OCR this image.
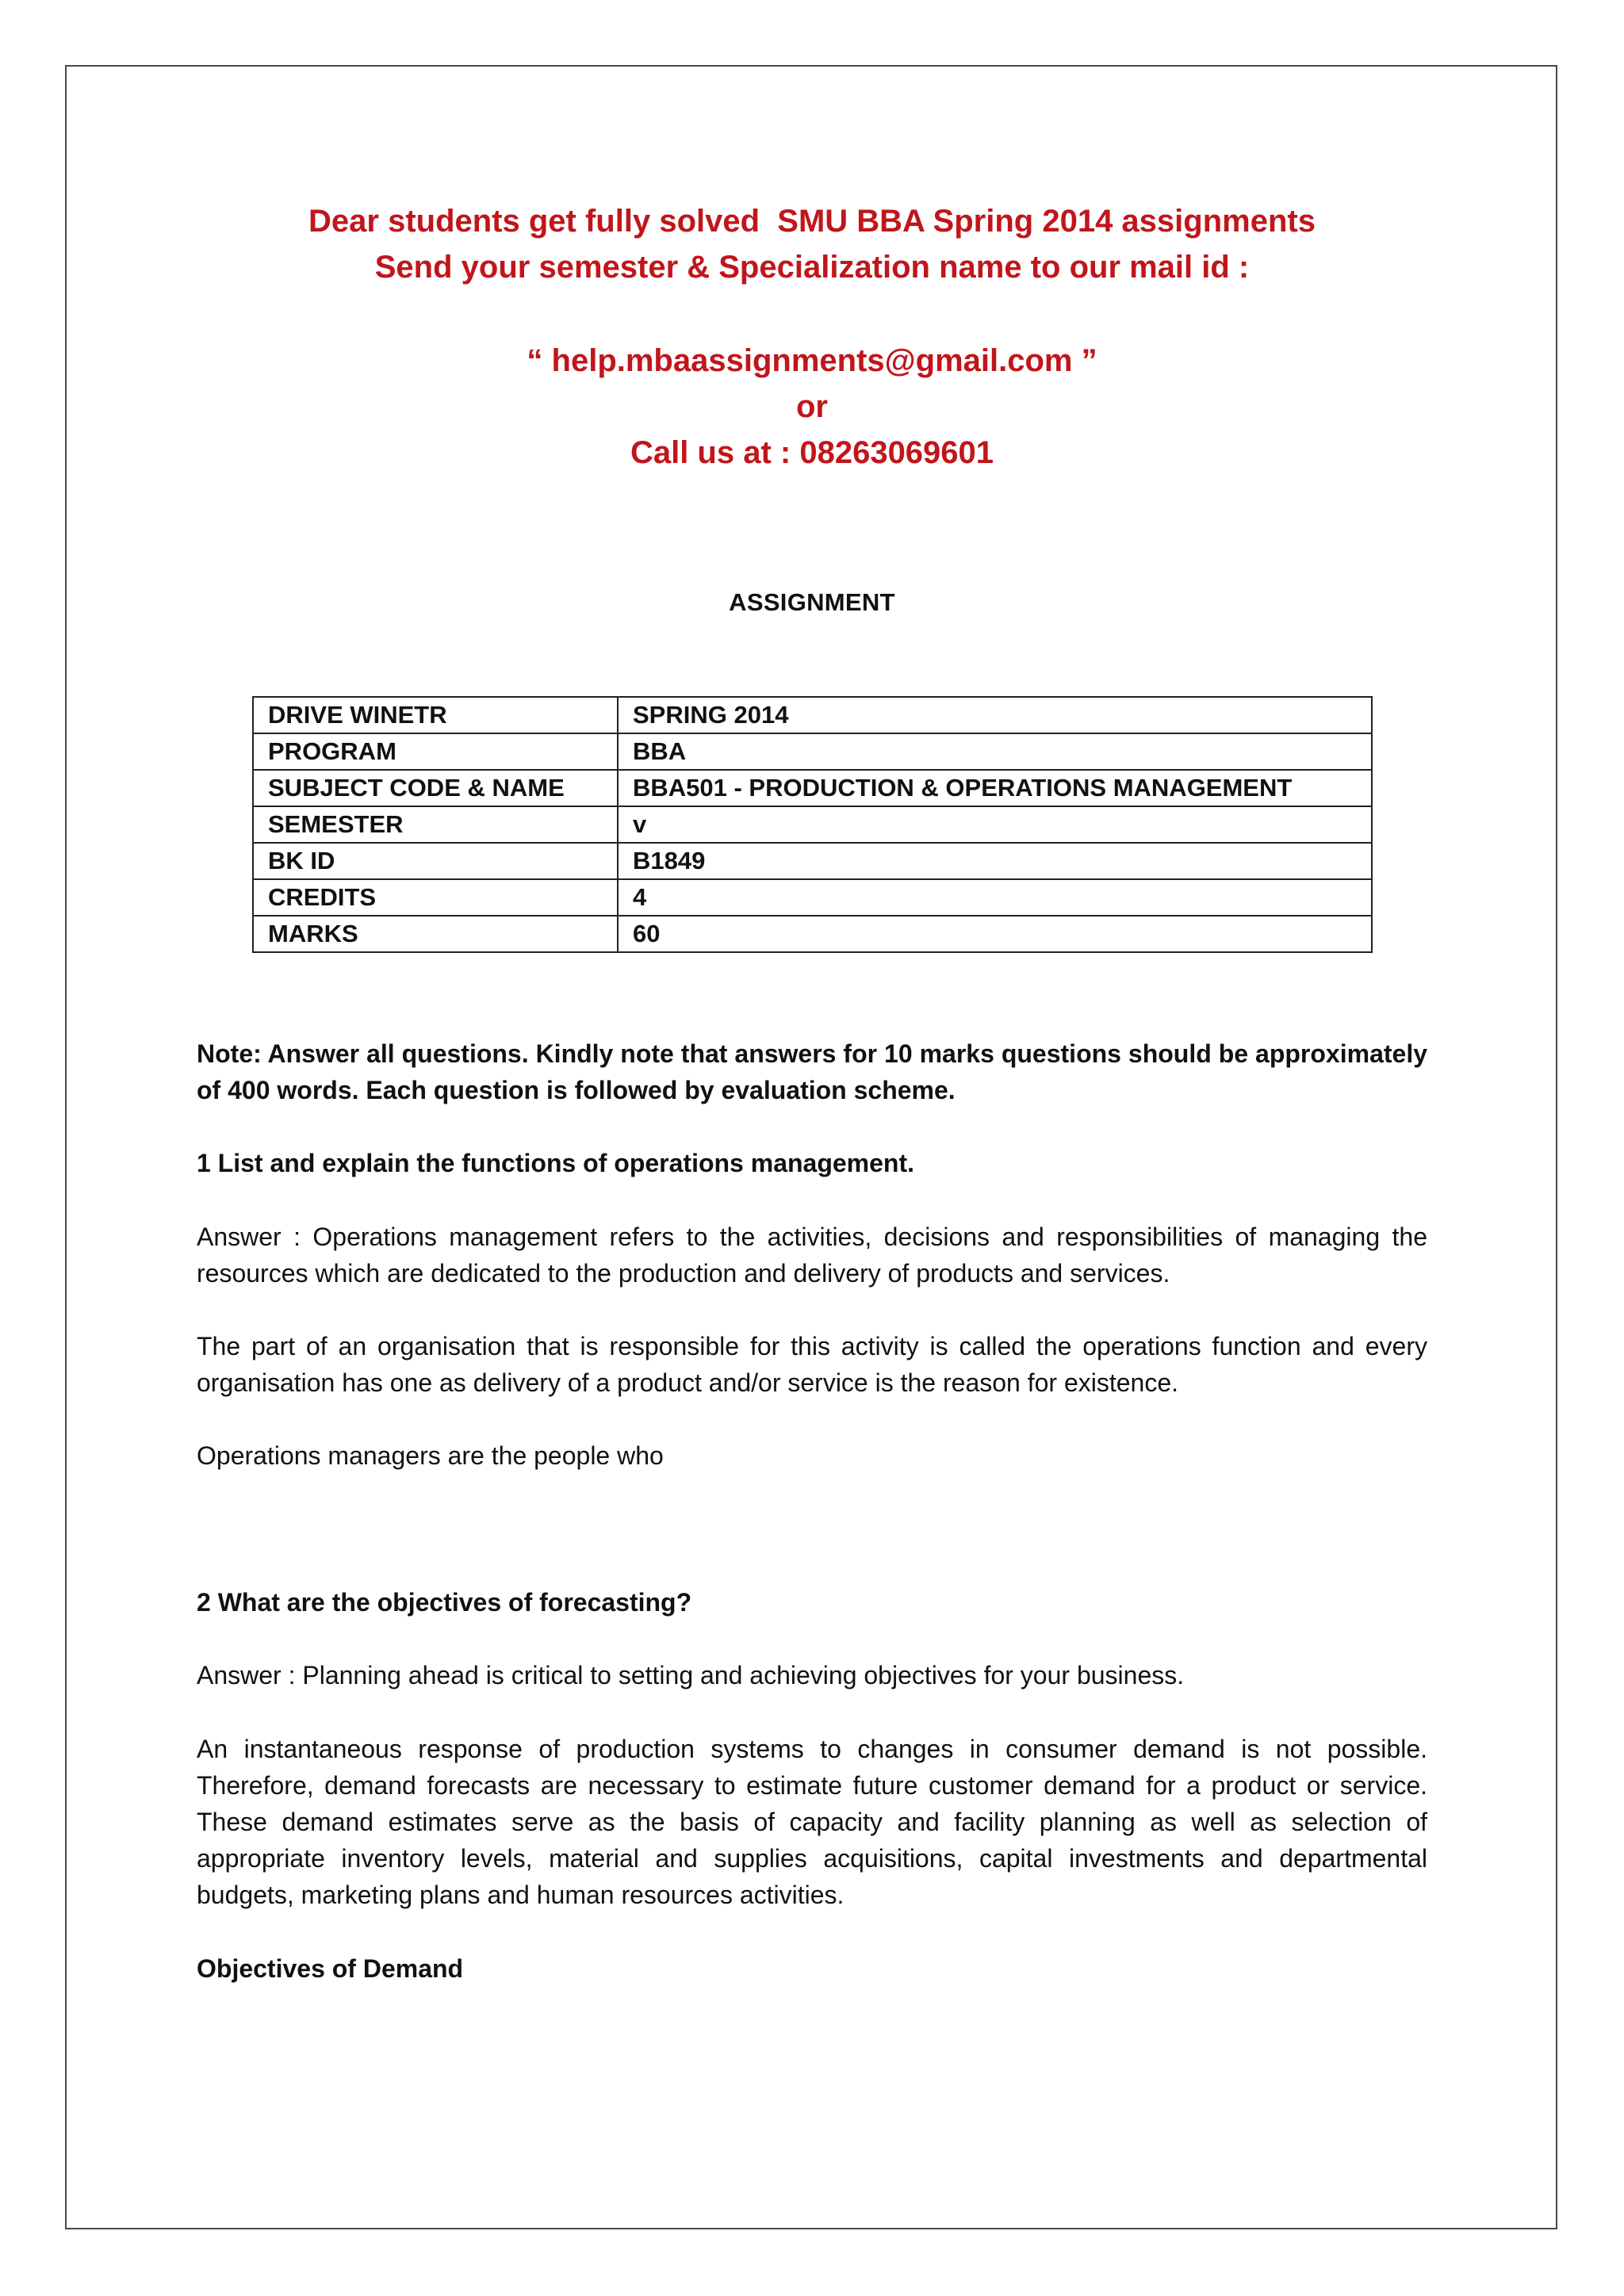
Dear students get fully solved  SMU BBA Spring 2014 assignments
Send your semester & Specialization name to our mail id :
“ help.mbaassignments@gmail.com ”
or
Call us at : 08263069601
ASSIGNMENT
DRIVE WINETR	SPRING 2014
PROGRAM	BBA
SUBJECT CODE & NAME	BBA501 - PRODUCTION & OPERATIONS MANAGEMENT
SEMESTER	v
BK ID	B1849
CREDITS	4
MARKS	60
Note: Answer all questions. Kindly note that answers for 10 marks questions should be approximately of 400 words. Each question is followed by evaluation scheme.
1 List and explain the functions of operations management.
Answer : Operations management refers to the activities, decisions and responsibilities of managing the resources which are dedicated to the production and delivery of products and services.
The part of an organisation that is responsible for this activity is called the operations function and every organisation has one as delivery of a product and/or service is the reason for existence.
Operations managers are the people who
2 What are the objectives of forecasting?
Answer : Planning ahead is critical to setting and achieving objectives for your business.
An instantaneous response of production systems to changes in consumer demand is not possible. Therefore, demand forecasts are necessary to estimate future customer demand for a product or service. These demand estimates serve as the basis of capacity and facility planning as well as selection of appropriate inventory levels, material and supplies acquisitions, capital investments and departmental budgets, marketing plans and human resources activities.
Objectives of Demand
